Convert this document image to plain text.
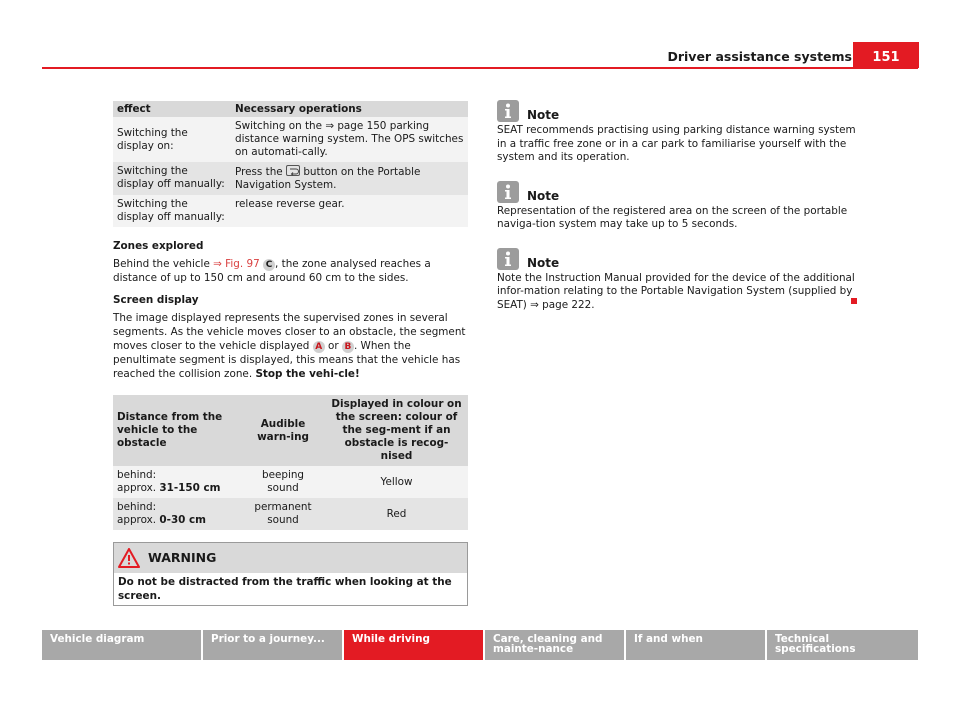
Driver assistance systems	151
effect	Necessary operations
Switching the display on:	Switching on the ⇒ page 150 parking distance warning system. The OPS switches on automati-cally.
Switching the display off manually:	Press the button on the Portable Navigation System.
Switching the display off manually:	release reverse gear.
Zones explored

Behind the vehicle ⇒ Fig. 97 C , the zone analysed reaches a distance of up to 150 cm and around 60 cm to the sides.

Screen display

The image displayed represents the supervised zones in several segments. As the vehicle moves closer to an obstacle, the segment moves closer to the vehicle displayed A or B . When the penultimate segment is displayed, this means that the vehicle has reached the collision zone. Stop the vehi-cle!

Distance from the vehicle to the obstacle	Audible warn-ing	Displayed in colour on the screen: colour of the seg-ment if an obstacle is recog-nised

behind:
approx. 31-150 cm	beeping sound	Yellow

behind:
approx. 0-30 cm	permanent sound	Red
WARNING
Do not be distracted from the traffic when looking at the screen.
Note
SEAT recommends practising using parking distance warning system in a traffic free zone or in a car park to familiarise yourself with the system and its operation.
Note
Representation of the registered area on the screen of the portable naviga-tion system may take up to 5 seconds.
Note
Note the Instruction Manual provided for the device of the additional infor-mation relating to the Portable Navigation System (supplied by SEAT) ⇒ page 222.
Vehicle diagram	Prior to a journey...	While driving	Care, cleaning and mainte-nance
If and when	Technical specifications
